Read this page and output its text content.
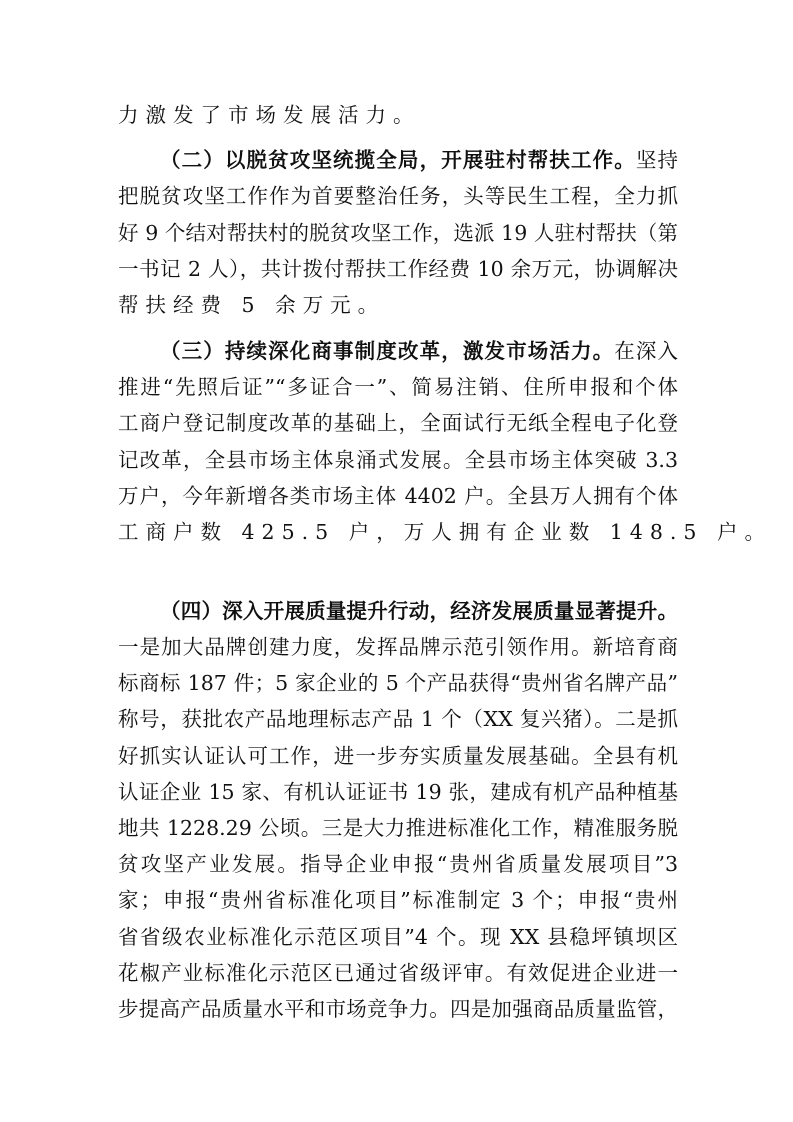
力激发了市场发展活力。
（二）以脱贫攻坚统揽全局，开展驻村帮扶工作。坚持
把脱贫攻坚工作作为首要整治任务，头等民生工程，全力抓
好 9 个结对帮扶村的脱贫攻坚工作，选派 19 人驻村帮扶（第
一书记 2 人），共计拨付帮扶工作经费 10 余万元，协调解决
帮扶经费 5 余万元。
（三）持续深化商事制度改革，激发市场活力。在深入
推进“先照后证”“多证合一”、简易注销、住所申报和个体
工商户登记制度改革的基础上，全面试行无纸全程电子化登
记改革，全县市场主体泉涌式发展。全县市场主体突破 3.3
万户，今年新增各类市场主体 4402 户。全县万人拥有个体
工商户数 425.5 户，万人拥有企业数 148.5 户。
（四）深入开展质量提升行动，经济发展质量显著提升。
一是加大品牌创建力度，发挥品牌示范引领作用。新培育商
标商标 187 件；5 家企业的 5 个产品获得“贵州省名牌产品”
称号，获批农产品地理标志产品 1 个（XX 复兴猪）。二是抓
好抓实认证认可工作，进一步夯实质量发展基础。全县有机
认证企业 15 家、有机认证证书 19 张，建成有机产品种植基
地共 1228.29 公顷。三是大力推进标准化工作，精准服务脱
贫攻坚产业发展。指导企业申报“贵州省质量发展项目”3
家；申报“贵州省标准化项目”标准制定 3 个；申报“贵州
省省级农业标准化示范区项目”4 个。现 XX 县稳坪镇坝区
花椒产业标准化示范区已通过省级评审。有效促进企业进一
步提高产品质量水平和市场竞争力。四是加强商品质量监管，
